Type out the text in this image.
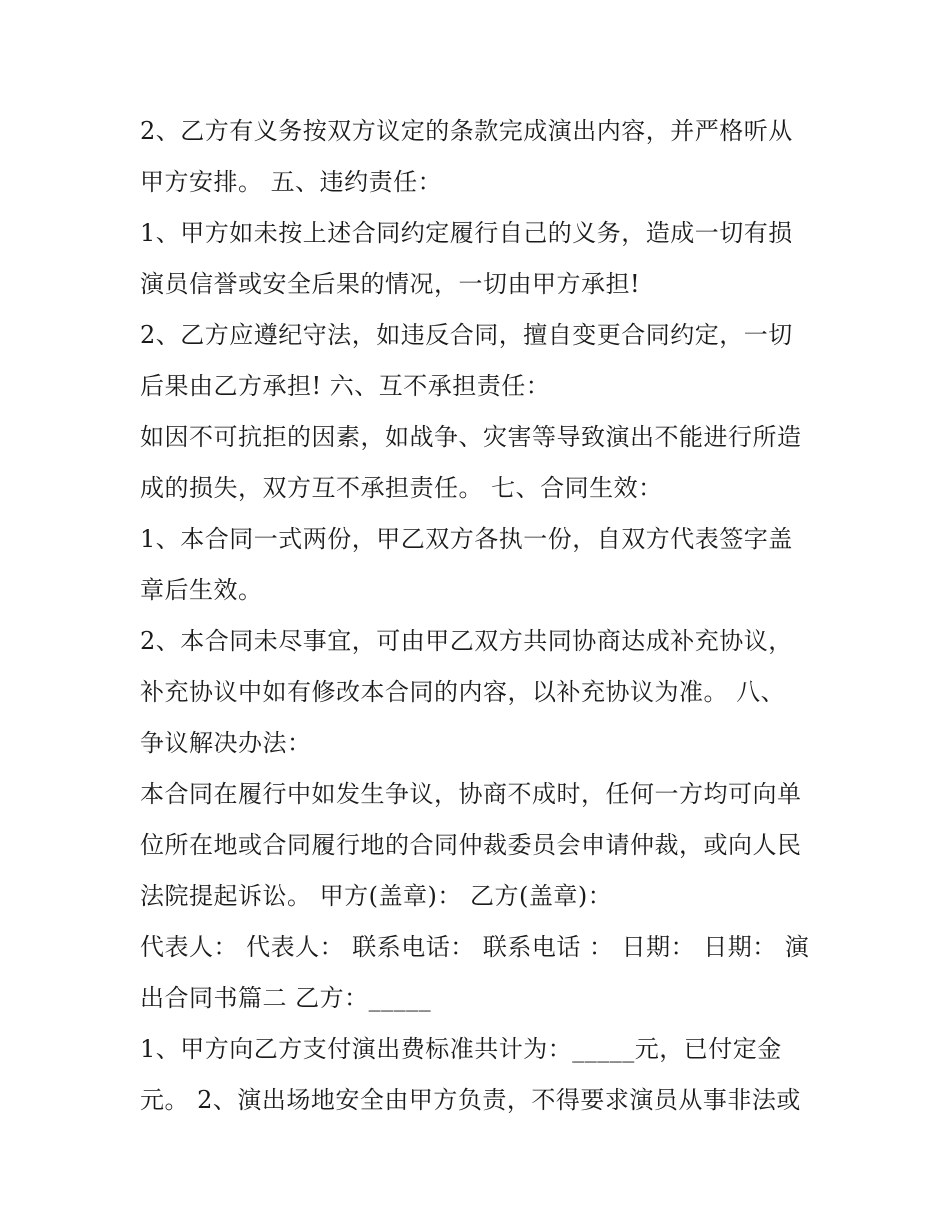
2、乙方有义务按双方议定的条款完成演出内容，并严格听从
甲方安排。 五、违约责任：
1、甲方如未按上述合同约定履行自己的义务，造成一切有损
演员信誉或安全后果的情况，一切由甲方承担!
2、乙方应遵纪守法，如违反合同，擅自变更合同约定，一切
后果由乙方承担! 六、互不承担责任：
如因不可抗拒的因素，如战争、灾害等导致演出不能进行所造
成的损失，双方互不承担责任。 七、合同生效：
1、本合同一式两份，甲乙双方各执一份，自双方代表签字盖
章后生效。
2、本合同未尽事宜，可由甲乙双方共同协商达成补充协议，
补充协议中如有修改本合同的内容，以补充协议为准。 八、
争议解决办法：
本合同在履行中如发生争议，协商不成时，任何一方均可向单
位所在地或合同履行地的合同仲裁委员会申请仲裁，或向人民
法院提起诉讼。 甲方(盖章)： 乙方(盖章)：
代表人： 代表人： 联系电话： 联系电话 ： 日期： 日期： 演
出合同书篇二 乙方：_____
1、甲方向乙方支付演出费标准共计为：_____元，已付定金
元。 2、演出场地安全由甲方负责，不得要求演员从事非法或
